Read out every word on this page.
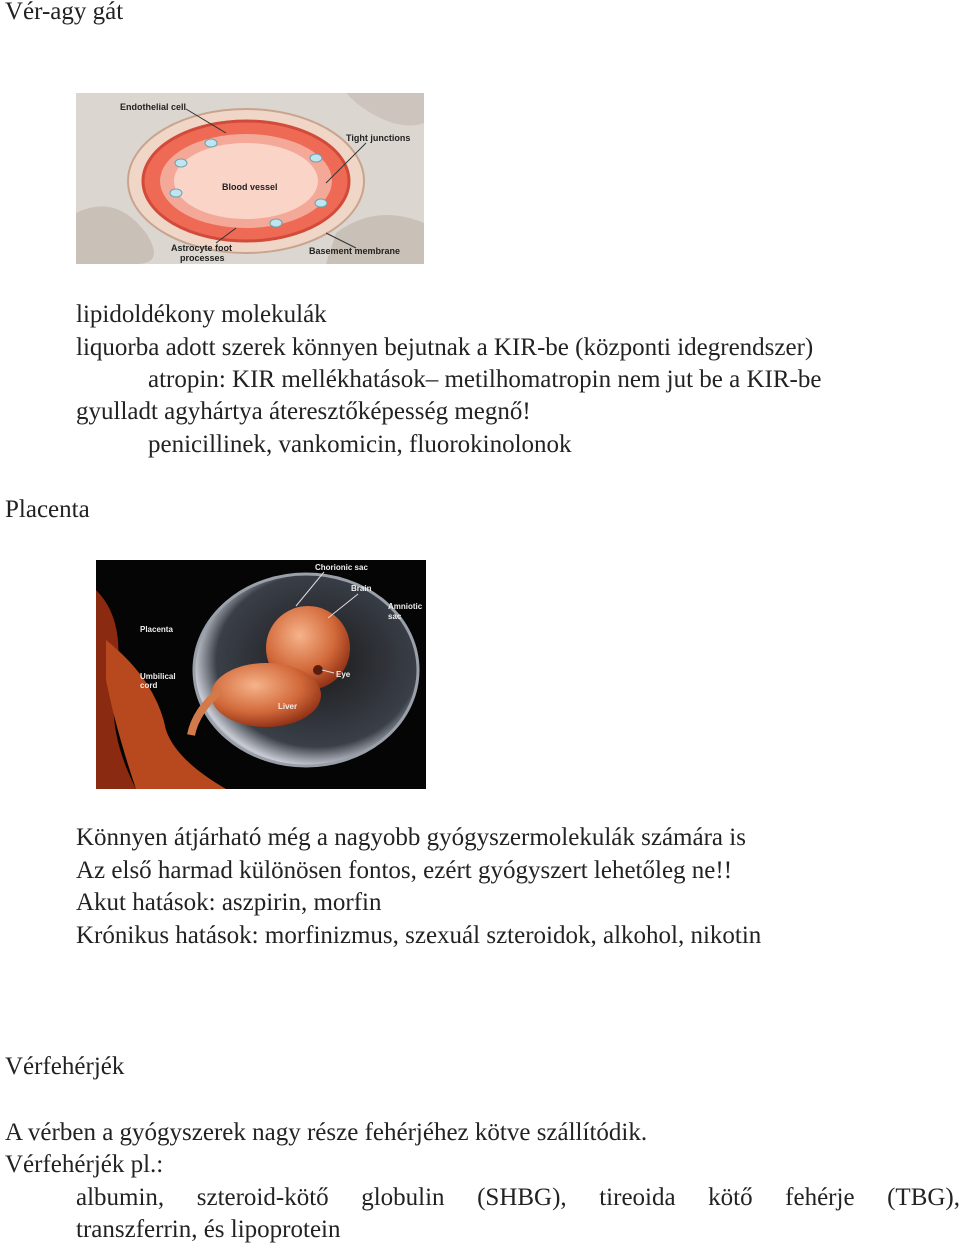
Vér-agy gát
Endothelial cell
Tight junctions
Blood vessel
Astrocyte foot
processes
Basement membrane
lipidoldékony molekulák
liquorba adott szerek könnyen bejutnak a KIR-be (központi idegrendszer)
atropin: KIR mellékhatások– metilhomatropin nem jut be a KIR-be
gyulladt agyhártya áteresztőképesség megnő!
penicillinek, vankomicin, fluorokinolonok
Placenta
Chorionic sac
Brain
Amniotic
sac
Placenta
Umbilical
cord
Eye
Liver
Könnyen átjárható még a nagyobb gyógyszermolekulák számára is
Az első harmad különösen fontos, ezért gyógyszert lehetőleg ne!!
Akut hatások: aszpirin, morfin
Krónikus hatások: morfinizmus, szexuál szteroidok, alkohol, nikotin
Vérfehérjék
A vérben a gyógyszerek nagy része fehérjéhez kötve szállítódik.
Vérfehérjék pl.:
albumin, szteroid-kötő globulin (SHBG), tireoida kötő fehérje (TBG),
transzferrin, és lipoprotein
